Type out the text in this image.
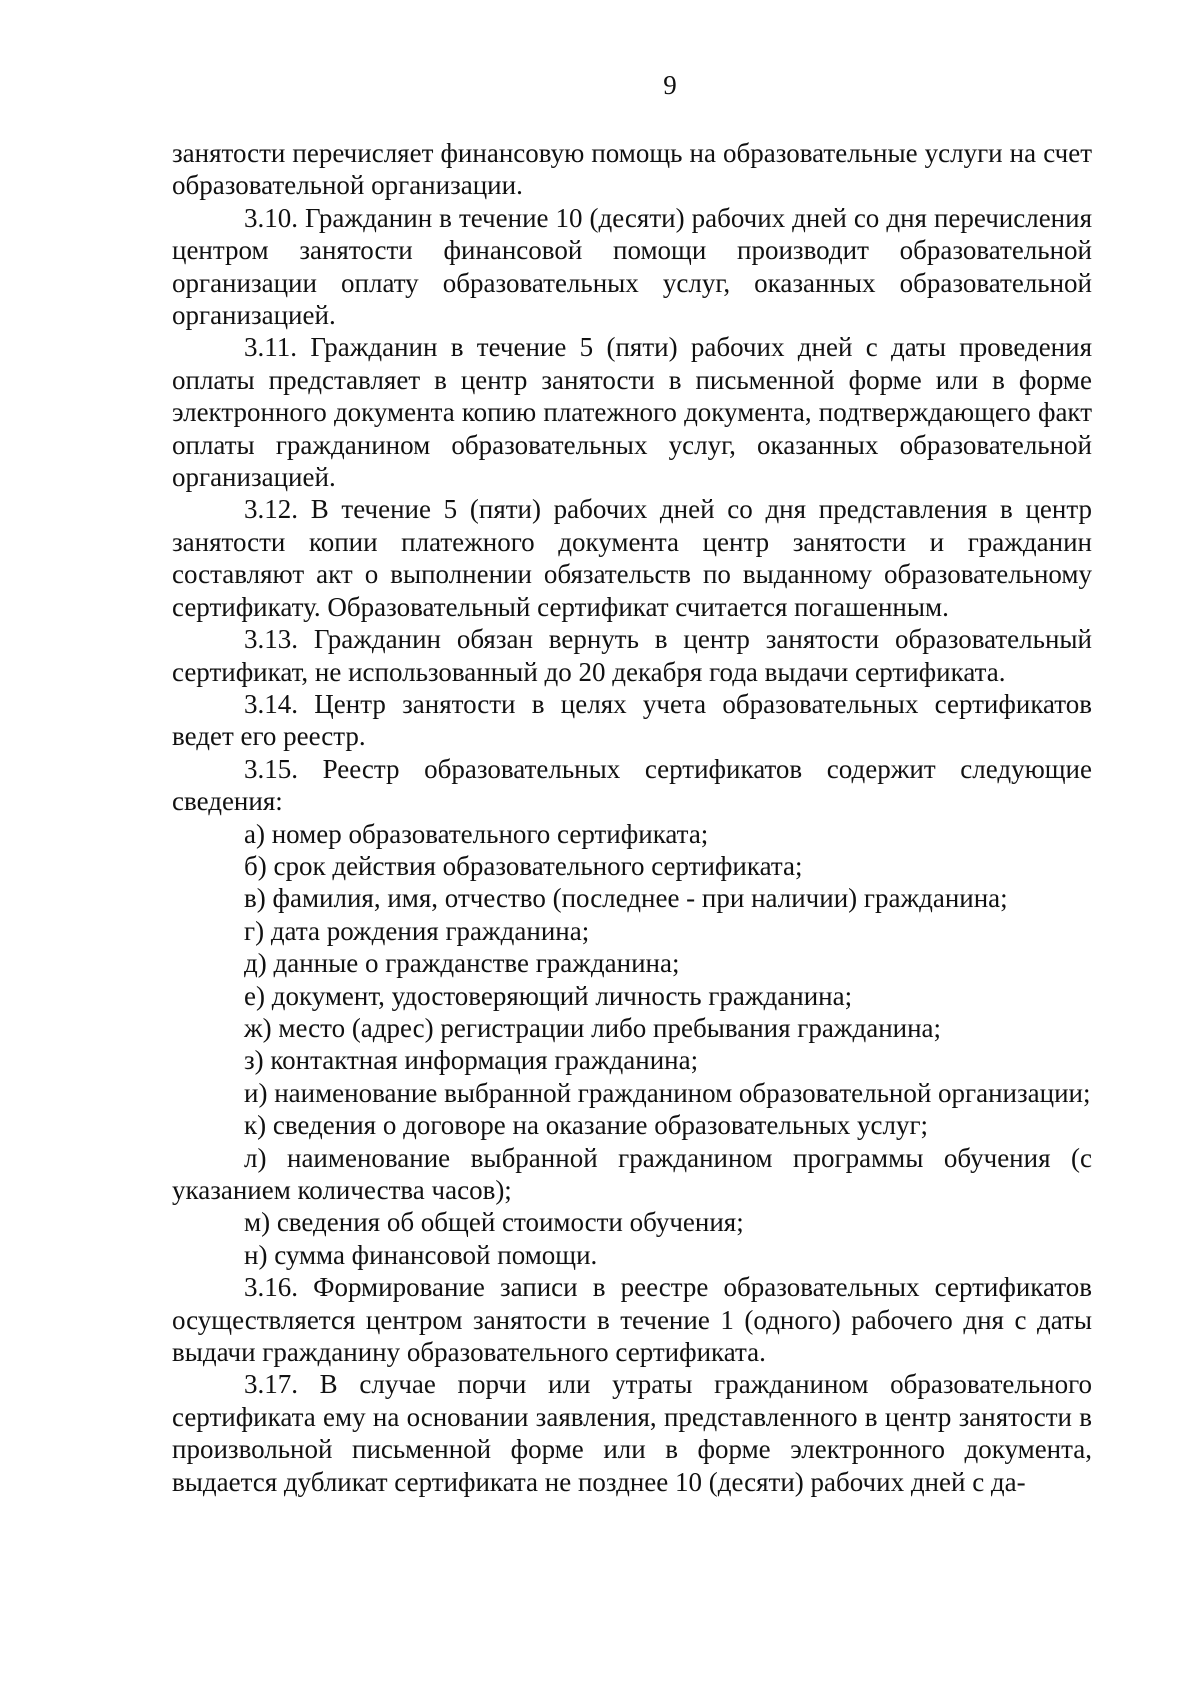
9

занятости перечисляет финансовую помощь на образовательные услуги на счет образовательной организации.

3.10. Гражданин в течение 10 (десяти) рабочих дней со дня перечисления центром занятости финансовой помощи производит образовательной организации оплату образовательных услуг, оказанных образовательной организацией.

3.11. Гражданин в течение 5 (пяти) рабочих дней с даты проведения оплаты представляет в центр занятости в письменной форме или в форме электронного документа копию платежного документа, подтверждающего факт оплаты гражданином образовательных услуг, оказанных образовательной организацией.

3.12. В течение 5 (пяти) рабочих дней со дня представления в центр занятости копии платежного документа центр занятости и гражданин составляют акт о выполнении обязательств по выданному образовательному сертификату. Образовательный сертификат считается погашенным.

3.13. Гражданин обязан вернуть в центр занятости образовательный сертификат, не использованный до 20 декабря года выдачи сертификата.

3.14. Центр занятости в целях учета образовательных сертификатов ведет его реестр.

3.15. Реестр образовательных сертификатов содержит следующие сведения:

а) номер образовательного сертификата;

б) срок действия образовательного сертификата;

в) фамилия, имя, отчество (последнее - при наличии) гражданина;

г) дата рождения гражданина;

д) данные о гражданстве гражданина;

е) документ, удостоверяющий личность гражданина;

ж) место (адрес) регистрации либо пребывания гражданина;

з) контактная информация гражданина;

и) наименование выбранной гражданином образовательной организации;

к) сведения о договоре на оказание образовательных услуг;

л) наименование выбранной гражданином программы обучения (с указанием количества часов);

м) сведения об общей стоимости обучения;

н) сумма финансовой помощи.

3.16. Формирование записи в реестре образовательных сертификатов осуществляется центром занятости в течение 1 (одного) рабочего дня с даты выдачи гражданину образовательного сертификата.

3.17. В случае порчи или утраты гражданином образовательного сертификата ему на основании заявления, представленного в центр занятости в произвольной письменной форме или в форме электронного документа, выдается дубликат сертификата не позднее 10 (десяти) рабочих дней с да-
